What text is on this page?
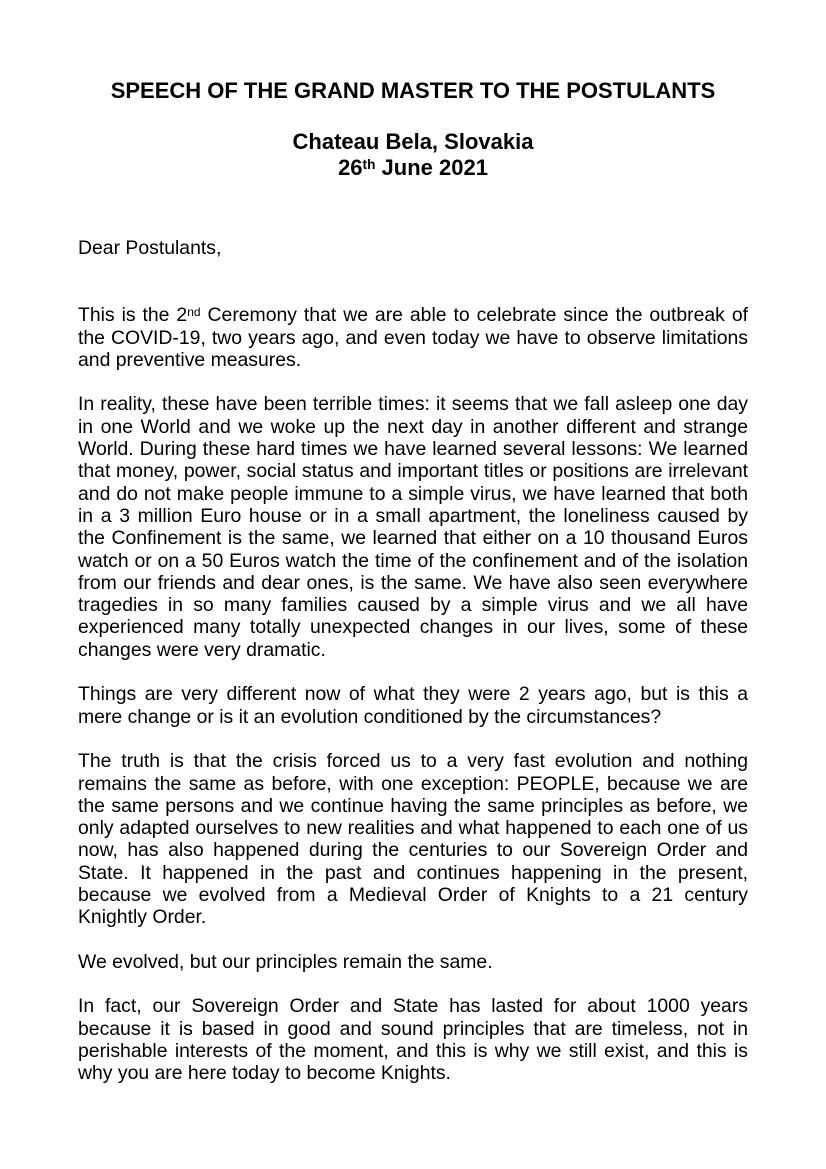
SPEECH OF THE GRAND MASTER TO THE POSTULANTS
Chateau Bela, Slovakia
26th June 2021

Dear Postulants,

This is the 2nd Ceremony that we are able to celebrate since the outbreak of the COVID-19, two years ago, and even today we have to observe limitations and preventive measures.

In reality, these have been terrible times: it seems that we fall asleep one day in one World and we woke up the next day in another different and strange World. During these hard times we have learned several lessons: We learned that money, power, social status and important titles or positions are irrelevant and do not make people immune to a simple virus, we have learned that both in a 3 million Euro house or in a small apartment, the loneliness caused by the Confinement is the same, we learned that either on a 10 thousand Euros watch or on a 50 Euros watch the time of the confinement and of the isolation from our friends and dear ones, is the same. We have also seen everywhere tragedies in so many families caused by a simple virus and we all have experienced many totally unexpected changes in our lives, some of these changes were very dramatic.

Things are very different now of what they were 2 years ago, but is this a mere change or is it an evolution conditioned by the circumstances?

The truth is that the crisis forced us to a very fast evolution and nothing remains the same as before, with one exception: PEOPLE, because we are the same persons and we continue having the same principles as before, we only adapted ourselves to new realities and what happened to each one of us now, has also happened during the centuries to our Sovereign Order and State. It happened in the past and continues happening in the present, because we evolved from a Medieval Order of Knights to a 21 century Knightly Order.

We evolved, but our principles remain the same.

In fact, our Sovereign Order and State has lasted for about 1000 years because it is based in good and sound principles that are timeless, not in perishable interests of the moment, and this is why we still exist, and this is why you are here today to become Knights.
